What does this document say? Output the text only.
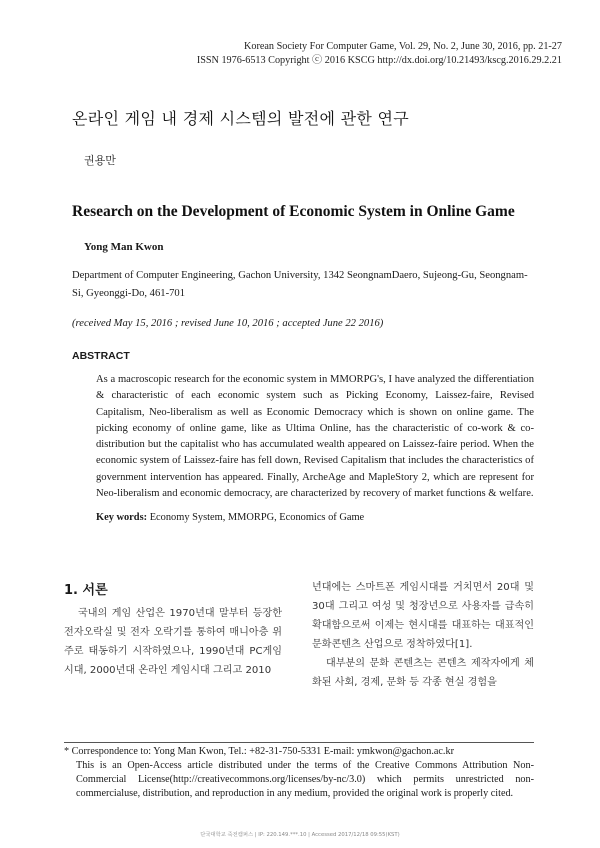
Korean Society For Computer Game, Vol. 29, No. 2, June 30, 2016, pp. 21-27
ISSN 1976-6513 Copyright ⓒ 2016 KSCG http://dx.doi.org/10.21493/kscg.2016.29.2.21
온라인 게임 내 경제 시스템의 발전에 관한 연구
권용만
Research on the Development of Economic System in Online Game
Yong Man Kwon
Department of Computer Engineering, Gachon University, 1342 SeongnamDaero, Sujeong-Gu, Seongnam-Si, Gyeonggi-Do, 461-701
(received May 15, 2016 ; revised June 10, 2016 ; accepted June 22 2016)
ABSTRACT
As a macroscopic research for the economic system in MMORPG's, I have analyzed the differentiation & characteristic of each economic system such as Picking Economy, Laissez-faire, Revised Capitalism, Neo-liberalism as well as Economic Democracy which is shown on online game. The picking economy of online game, like as Ultima Online, has the characteristic of co-work & co-distribution but the capitalist who has accumulated wealth appeared on Laissez-faire period. When the economic system of Laissez-faire has fell down, Revised Capitalism that includes the characteristics of government intervention has appeared. Finally, ArcheAge and MapleStory 2, which are represent for Neo-liberalism and economic democracy, are characterized by recovery of market functions & welfare.
Key words: Economy System, MMORPG, Economics of Game
1. 서론

국내의 게임 산업은 1970년대 말부터 등장한 전자오락실 및 전자 오락기를 통하여 매니아층 위주로 태동하기 시작하였으나, 1990년대 PC게임시대, 2000년대 온라인 게임시대 그리고 2010

년대에는 스마트폰 게임시대를 거치면서 20대 및 30대 그리고 여성 및 청장년으로 사용자를 급속히 확대함으로써 이제는 현시대를 대표하는 대표적인 문화콘텐츠 산업으로 정착하였다[1].

대부분의 문화 콘텐츠는 콘텐츠 제작자에게 체화된 사회, 경제, 문화 등 각종 현실 경험을

* Correspondence to: Yong Man Kwon, Tel.: +82-31-750-5331 E-mail: ymkwon@gachon.ac.kr
This is an Open-Access article distributed under the terms of the Creative Commons Attribution Non-Commercial License(http://creativecommons.org/licenses/by-nc/3.0) which permits unrestricted non-commercialuse, distribution, and reproduction in any medium, provided the original work is properly cited.
단국대학교 죽전캠퍼스 | IP: 220.149.***.10 | Accessed 2017/12/18 09:55(KST)
